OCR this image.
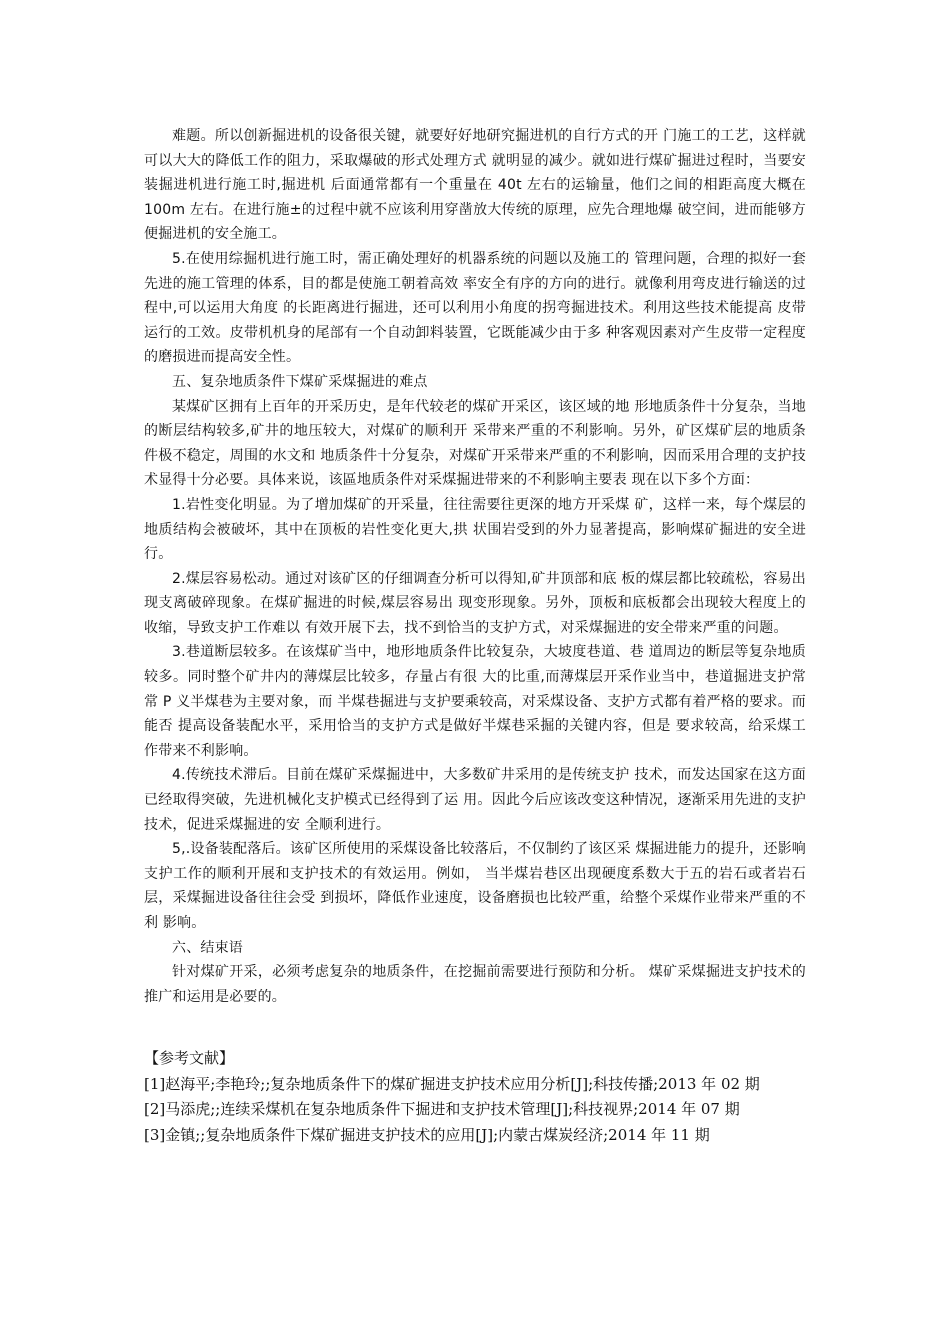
难题。所以创新掘进机的设备很关键，就要好好地研究掘进机的自行方式的开 门施工的工艺，这样就可以大大的降低工作的阻力，采取爆破的形式处理方式 就明显的减少。就如进行煤矿掘进过程时，当要安装掘进机进行施工时,掘进机 后面通常都有一个重量在 40t 左右的运输量，他们之间的相距高度大概在 100m 左右。在进行施±的过程中就不应该利用穿凿放大传统的原理，应先合理地爆 破空间，进而能够方便掘进机的安全施工。

5.在使用综掘机进行施工时，需正确处理好的机器系统的问题以及施工的 管理问题，合理的拟好一套先进的施工管理的体系，目的都是使施工朝着高效 率安全有序的方向的进行。就像利用弯皮进行输送的过程中,可以运用大角度 的长距离进行掘进，还可以利用小角度的拐弯掘进技术。利用这些技术能提高 皮带运行的工效。皮带机机身的尾部有一个自动卸料装置，它既能减少由于多 种客观因素对产生皮带一定程度的磨损进而提高安全性。

五、复杂地质条件下煤矿采煤掘进的难点

某煤矿区拥有上百年的开采历史，是年代较老的煤矿开采区，该区域的地 形地质条件十分复杂，当地的断层结构较多,矿井的地压较大，对煤矿的顺利开 采带来严重的不利影响。另外，矿区煤矿层的地质条件极不稳定，周围的水文和 地质条件十分复杂，对煤矿开采带来严重的不利影响，因而采用合理的支护技 术显得十分必要。具体来说，该區地质条件对采煤掘进带来的不利影响主要表 现在以下多个方面：

1.岩性变化明显。为了增加煤矿的开采量，往往需要往更深的地方开采煤 矿，这样一来，每个煤层的地质结构会被破坏，其中在顶板的岩性变化更大,拱 状围岩受到的外力显著提高，影响煤矿掘进的安全进行。

2.煤层容易松动。通过对该矿区的仔细调查分析可以得知,矿井顶部和底 板的煤层都比较疏松，容易出现支离破碎现象。在煤矿掘进的时候,煤层容易出 现变形现象。另外，顶板和底板都会出现较大程度上的收缩，导致支护工作难以 有效开展下去，找不到恰当的支护方式，对采煤掘进的安全带来严重的问题。

3.巷道断层较多。在该煤矿当中，地形地质条件比较复杂，大坡度巷道、巷 道周边的断层等复杂地质较多。同时整个矿井内的薄煤层比较多，存量占有很 大的比重,而薄煤层开采作业当中，巷道掘进支护常常 P 义半煤巷为主要对象，而 半煤巷掘进与支护要乘较高，对采煤设备、支护方式都有着严格的要求。而能否 提高设备装配水平，采用恰当的支护方式是做好半煤巷采掘的关键内容，但是 要求较高，给采煤工作带来不利影响。

4.传统技术滞后。目前在煤矿采煤掘进中，大多数矿井采用的是传统支护 技术，而发达国家在这方面已经取得突破，先进机械化支护模式已经得到了运 用。因此今后应该改变这种情况，逐渐采用先进的支护技术，促进采煤掘进的安 全顺利进行。

5,.设备装配落后。该矿区所使用的采煤设备比较落后，不仅制约了该区采 煤掘进能力的提升，还影响支护工作的顺利开展和支护技术的有效运用。例如， 当半煤岩巷区出现硬度系数大于五的岩石或者岩石层，采煤掘进设备往往会受 到损坏，降低作业速度，设备磨损也比较严重，给整个采煤作业带来严重的不利 影响。

六、结束语

针对煤矿开采，必须考虑复杂的地质条件，在挖掘前需要进行预防和分析。 煤矿采煤掘进支护技术的推广和运用是必要的。

【参考文献】

[1]赵海平;李艳玲;;复杂地质条件下的煤矿掘进支护技术应用分析[J];科技传播;2013 年 02 期

[2]马添虎;;连续采煤机在复杂地质条件下掘进和支护技术管理[J];科技视界;2014 年 07 期

[3]金镇;;复杂地质条件下煤矿掘进支护技术的应用[J];内蒙古煤炭经济;2014 年 11 期
